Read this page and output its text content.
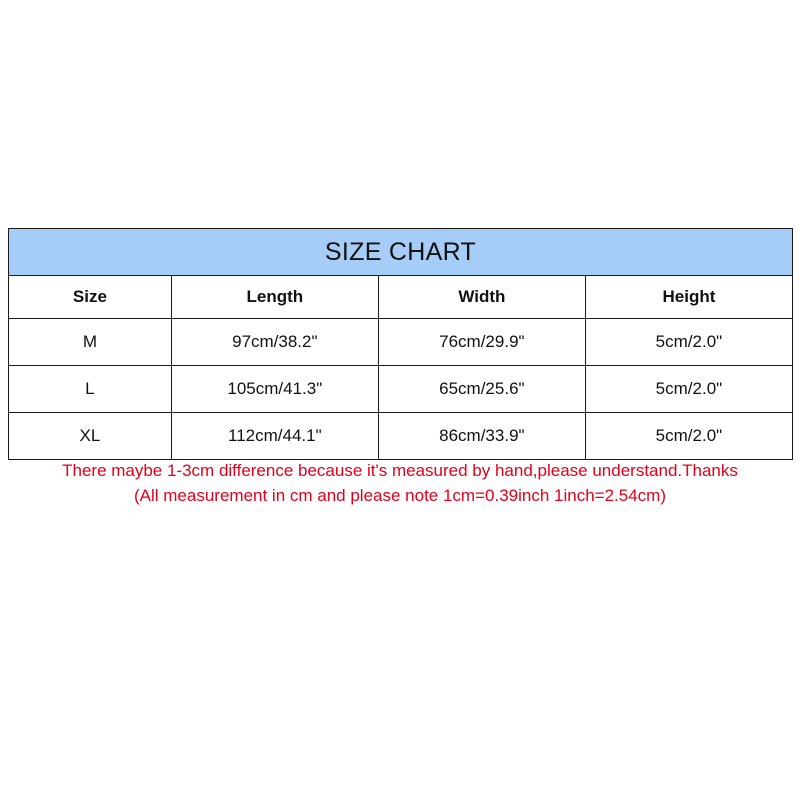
SIZE CHART			
Size	Length	Width	Height
M	97cm/38.2"	76cm/29.9"	5cm/2.0"
L	105cm/41.3"	65cm/25.6"	5cm/2.0"
XL	112cm/44.1"	86cm/33.9"	5cm/2.0"
There maybe 1-3cm difference because it's measured by hand,please understand.Thanks
(All measurement in cm and please note 1cm=0.39inch 1inch=2.54cm)
